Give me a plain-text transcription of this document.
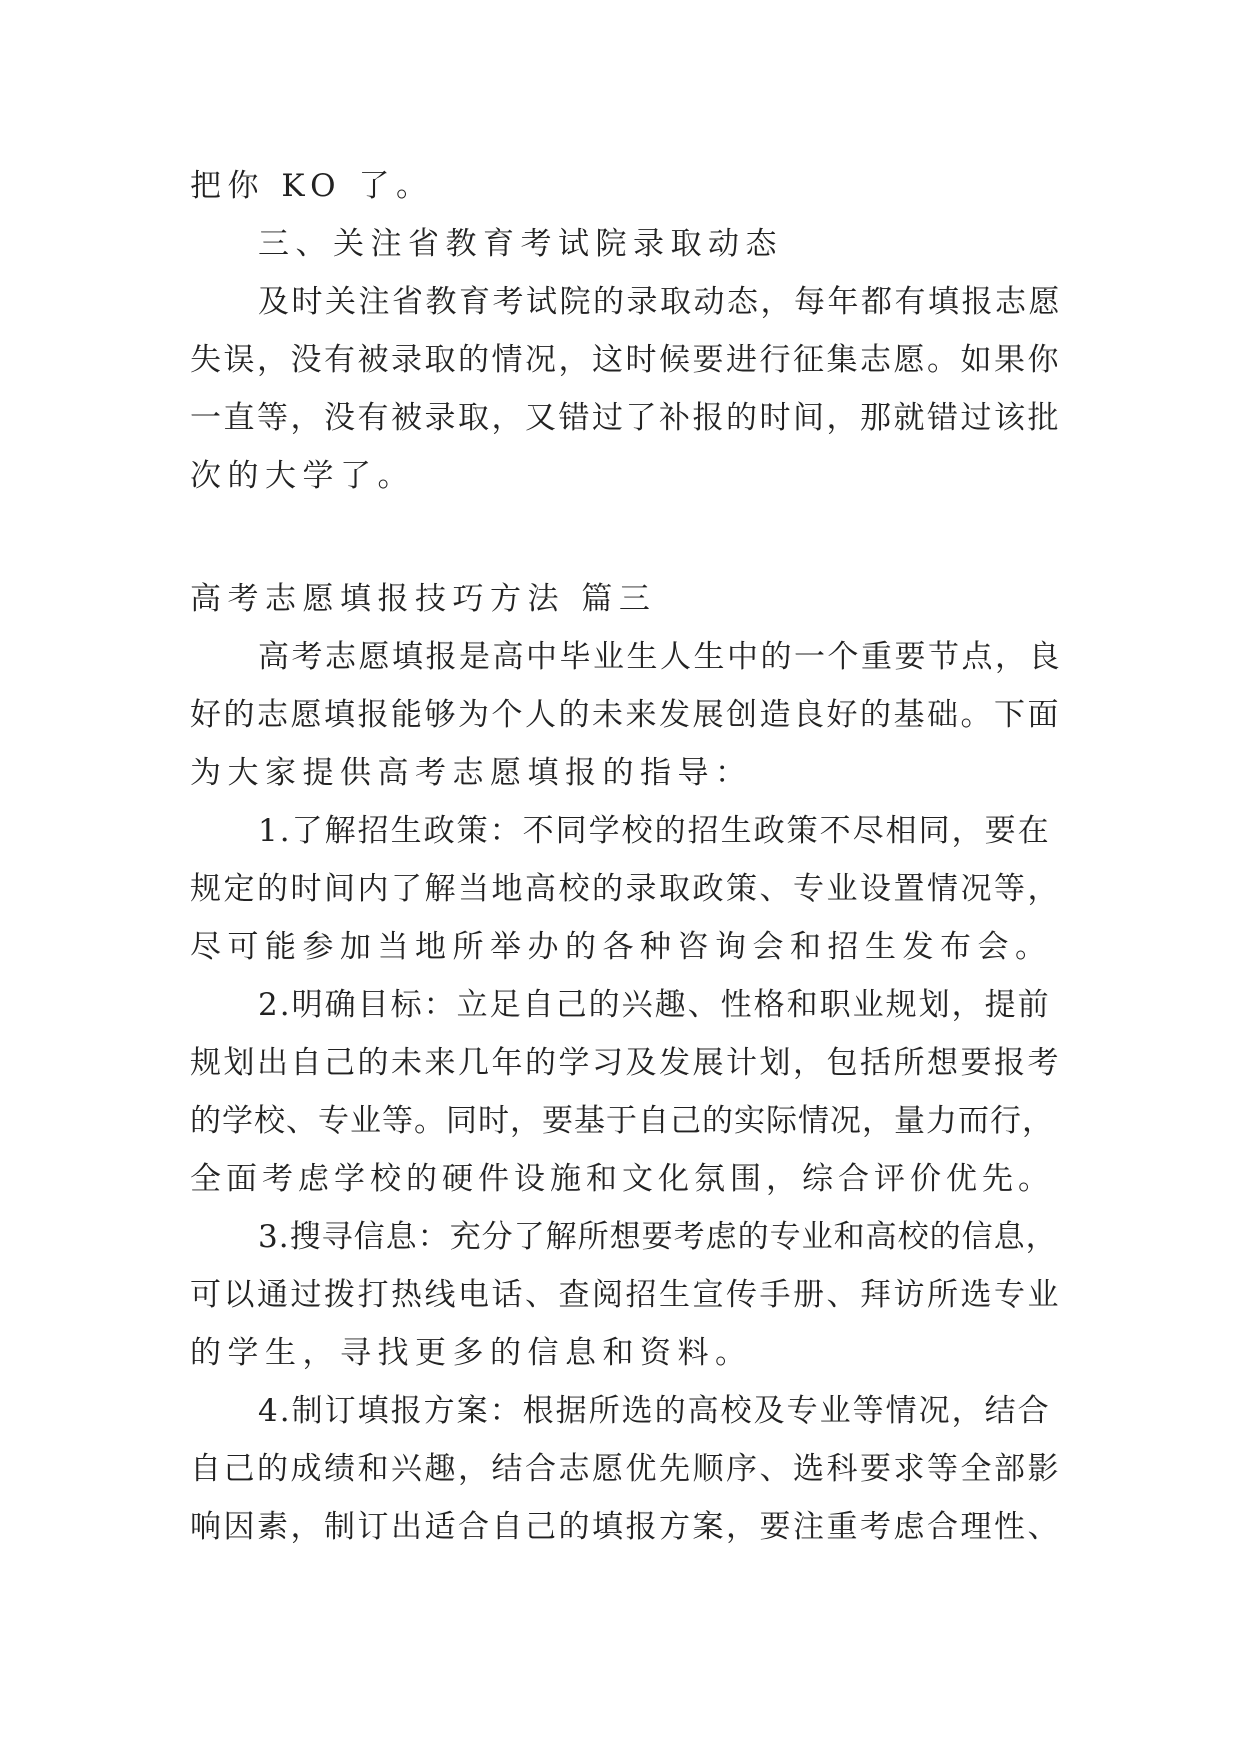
把你 KO 了。

三、关注省教育考试院录取动态

及时关注省教育考试院的录取动态，每年都有填报志愿

失误，没有被录取的情况，这时候要进行征集志愿。如果你

一直等，没有被录取，又错过了补报的时间，那就错过该批

次的大学了。

高考志愿填报技巧方法 篇三

高考志愿填报是高中毕业生人生中的一个重要节点，良

好的志愿填报能够为个人的未来发展创造良好的基础。下面

为大家提供高考志愿填报的指导：

1.了解招生政策：不同学校的招生政策不尽相同，要在

规定的时间内了解当地高校的录取政策、专业设置情况等，

尽可能参加当地所举办的各种咨询会和招生发布会。

2.明确目标：立足自己的兴趣、性格和职业规划，提前

规划出自己的未来几年的学习及发展计划，包括所想要报考

的学校、专业等。同时，要基于自己的实际情况，量力而行，

全面考虑学校的硬件设施和文化氛围，综合评价优先。

3.搜寻信息：充分了解所想要考虑的专业和高校的信息，

可以通过拨打热线电话、查阅招生宣传手册、拜访所选专业

的学生，寻找更多的信息和资料。

4.制订填报方案：根据所选的高校及专业等情况，结合

自己的成绩和兴趣，结合志愿优先顺序、选科要求等全部影

响因素，制订出适合自己的填报方案，要注重考虑合理性、
